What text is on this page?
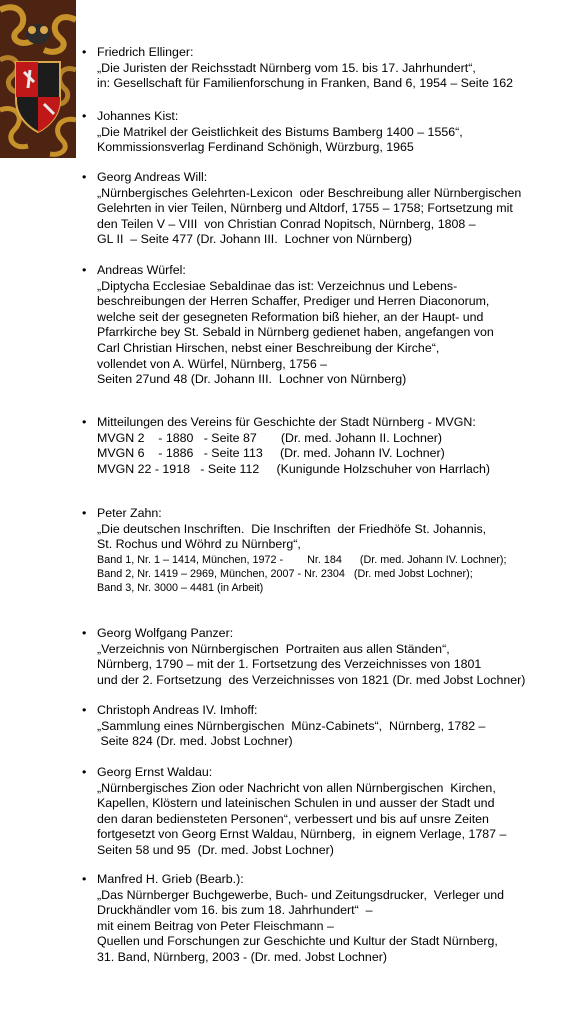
• Friedrich Ellinger:
„Die Juristen der Reichsstadt Nürnberg vom 15. bis 17. Jahrhundert“,
in: Gesellschaft für Familienforschung in Franken, Band 6, 1954 – Seite 162
• Johannes Kist:
„Die Matrikel der Geistlichkeit des Bistums Bamberg 1400 – 1556“,
Kommissionsverlag Ferdinand Schönigh, Würzburg, 1965
• Georg Andreas Will:
„Nürnbergisches Gelehrten-Lexicon  oder Beschreibung aller Nürnbergischen
Gelehrten in vier Teilen, Nürnberg und Altdorf, 1755 – 1758; Fortsetzung mit
den Teilen V – VIII  von Christian Conrad Nopitsch, Nürnberg, 1808 –
GL II  – Seite 477 (Dr. Johann III.  Lochner von Nürnberg)
• Andreas Würfel:
„Diptycha Ecclesiae Sebaldinae das ist: Verzeichnus und Lebens-
beschreibungen der Herren Schaffer, Prediger und Herren Diaconorum,
welche seit der gesegneten Reformation biß hieher, an der Haupt- und
Pfarrkirche bey St. Sebald in Nürnberg gedienet haben, angefangen von
Carl Christian Hirschen, nebst einer Beschreibung der Kirche“,
vollendet von A. Würfel, Nürnberg, 1756 –
Seiten 27und 48 (Dr. Johann III.  Lochner von Nürnberg)
• Mitteilungen des Vereins für Geschichte der Stadt Nürnberg - MVGN:
MVGN 2    - 1880   - Seite 87       (Dr. med. Johann II. Lochner)
MVGN 6    - 1886   - Seite 113     (Dr. med. Johann IV. Lochner)
MVGN 22 - 1918   - Seite 112     (Kunigunde Holzschuher von Harrlach)
• Peter Zahn:
„Die deutschen Inschriften.  Die Inschriften  der Friedhöfe St. Johannis,
St. Rochus und Wöhrd zu Nürnberg“,
Band 1, Nr. 1 – 1414, München, 1972 -        Nr. 184      (Dr. med. Johann IV. Lochner);
Band 2, Nr. 1419 – 2969, München, 2007 - Nr. 2304   (Dr. med Jobst Lochner);
Band 3, Nr. 3000 – 4481 (in Arbeit)
• Georg Wolfgang Panzer:
„Verzeichnis von Nürnbergischen  Portraiten aus allen Ständen“,
Nürnberg, 1790 – mit der 1. Fortsetzung des Verzeichnisses von 1801
und der 2. Fortsetzung  des Verzeichnisses von 1821 (Dr. med Jobst Lochner)
• Christoph Andreas IV. Imhoff:
„Sammlung eines Nürnbergischen  Münz-Cabinets“,  Nürnberg, 1782 –
Seite 824 (Dr. med. Jobst Lochner)
• Georg Ernst Waldau:
„Nürnbergisches Zion oder Nachricht von allen Nürnbergischen  Kirchen,
Kapellen, Klöstern und lateinischen Schulen in und ausser der Stadt und
den daran bediensteten Personen“, verbessert und bis auf unsre Zeiten
fortgesetzt von Georg Ernst Waldau, Nürnberg,  in eignem Verlage, 1787 –
Seiten 58 und 95  (Dr. med. Jobst Lochner)
• Manfred H. Grieb (Bearb.):
„Das Nürnberger Buchgewerbe, Buch- und Zeitungsdrucker,  Verleger und
Druckhändler vom 16. bis zum 18. Jahrhundert“  –
mit einem Beitrag von Peter Fleischmann –
Quellen und Forschungen zur Geschichte und Kultur der Stadt Nürnberg,
31. Band, Nürnberg, 2003 - (Dr. med. Jobst Lochner)
